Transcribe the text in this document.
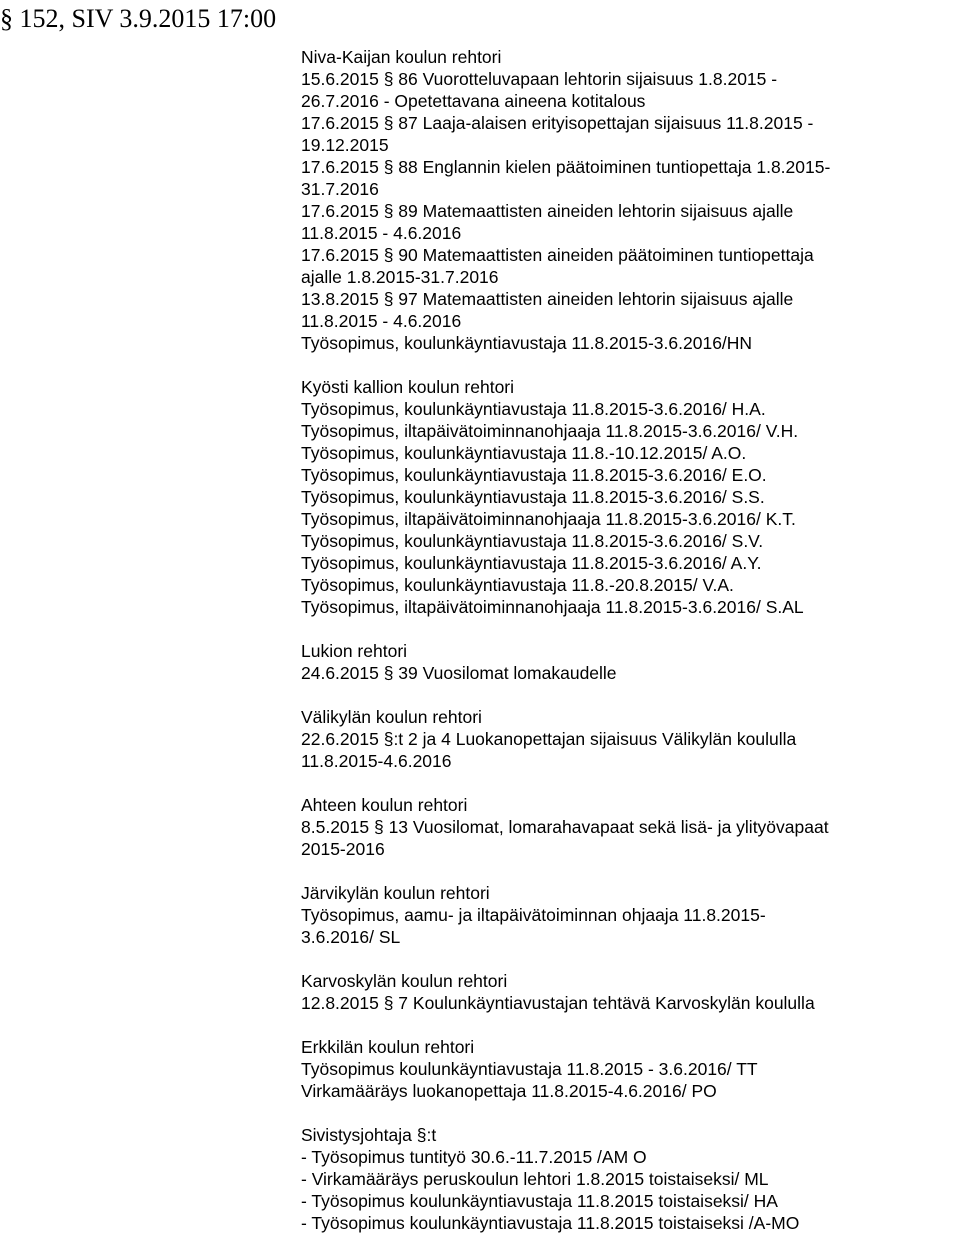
§ 152, SIV 3.9.2015 17:00
Niva-Kaijan koulun rehtori
15.6.2015 § 86 Vuorotteluvapaan lehtorin sijaisuus 1.8.2015 -
26.7.2016 - Opetettavana aineena kotitalous
17.6.2015 § 87 Laaja-alaisen erityisopettajan sijaisuus 11.8.2015 -
19.12.2015
17.6.2015 § 88 Englannin kielen päätoiminen tuntiopettaja 1.8.2015-
31.7.2016
17.6.2015 § 89 Matemaattisten aineiden lehtorin sijaisuus ajalle
11.8.2015 - 4.6.2016
17.6.2015 § 90 Matemaattisten aineiden päätoiminen tuntiopettaja
ajalle 1.8.2015-31.7.2016
13.8.2015 § 97 Matemaattisten aineiden lehtorin sijaisuus ajalle
11.8.2015 - 4.6.2016
Työsopimus, koulunkäyntiavustaja 11.8.2015-3.6.2016/HN
Kyösti kallion koulun rehtori
Työsopimus, koulunkäyntiavustaja 11.8.2015-3.6.2016/ H.A.
Työsopimus, iltapäivätoiminnanohjaaja 11.8.2015-3.6.2016/ V.H.
Työsopimus, koulunkäyntiavustaja 11.8.-10.12.2015/ A.O.
Työsopimus, koulunkäyntiavustaja 11.8.2015-3.6.2016/ E.O.
Työsopimus, koulunkäyntiavustaja 11.8.2015-3.6.2016/ S.S.
Työsopimus, iltapäivätoiminnanohjaaja 11.8.2015-3.6.2016/ K.T.
Työsopimus, koulunkäyntiavustaja 11.8.2015-3.6.2016/ S.V.
Työsopimus, koulunkäyntiavustaja 11.8.2015-3.6.2016/ A.Y.
Työsopimus, koulunkäyntiavustaja 11.8.-20.8.2015/ V.A.
Työsopimus, iltapäivätoiminnanohjaaja 11.8.2015-3.6.2016/ S.AL
Lukion rehtori
24.6.2015 § 39 Vuosilomat lomakaudelle
Välikylän koulun rehtori
22.6.2015 §:t 2 ja 4 Luokanopettajan sijaisuus Välikylän koululla
11.8.2015-4.6.2016
Ahteen koulun rehtori
8.5.2015 § 13 Vuosilomat, lomarahavapaat sekä lisä- ja ylityövapaat
2015-2016
Järvikylän koulun rehtori
Työsopimus, aamu- ja iltapäivätoiminnan ohjaaja 11.8.2015-
3.6.2016/ SL
Karvoskylän koulun rehtori
12.8.2015 § 7 Koulunkäyntiavustajan tehtävä Karvoskylän koululla
Erkkilän koulun rehtori
Työsopimus koulunkäyntiavustaja 11.8.2015 - 3.6.2016/ TT
Virkamääräys luokanopettaja 11.8.2015-4.6.2016/ PO
Sivistysjohtaja §:t
- Työsopimus tuntityö 30.6.-11.7.2015 /AM O
- Virkamääräys peruskoulun lehtori 1.8.2015 toistaiseksi/ ML
- Työsopimus koulunkäyntiavustaja 11.8.2015 toistaiseksi/ HA
- Työsopimus koulunkäyntiavustaja 11.8.2015 toistaiseksi /A-MO
